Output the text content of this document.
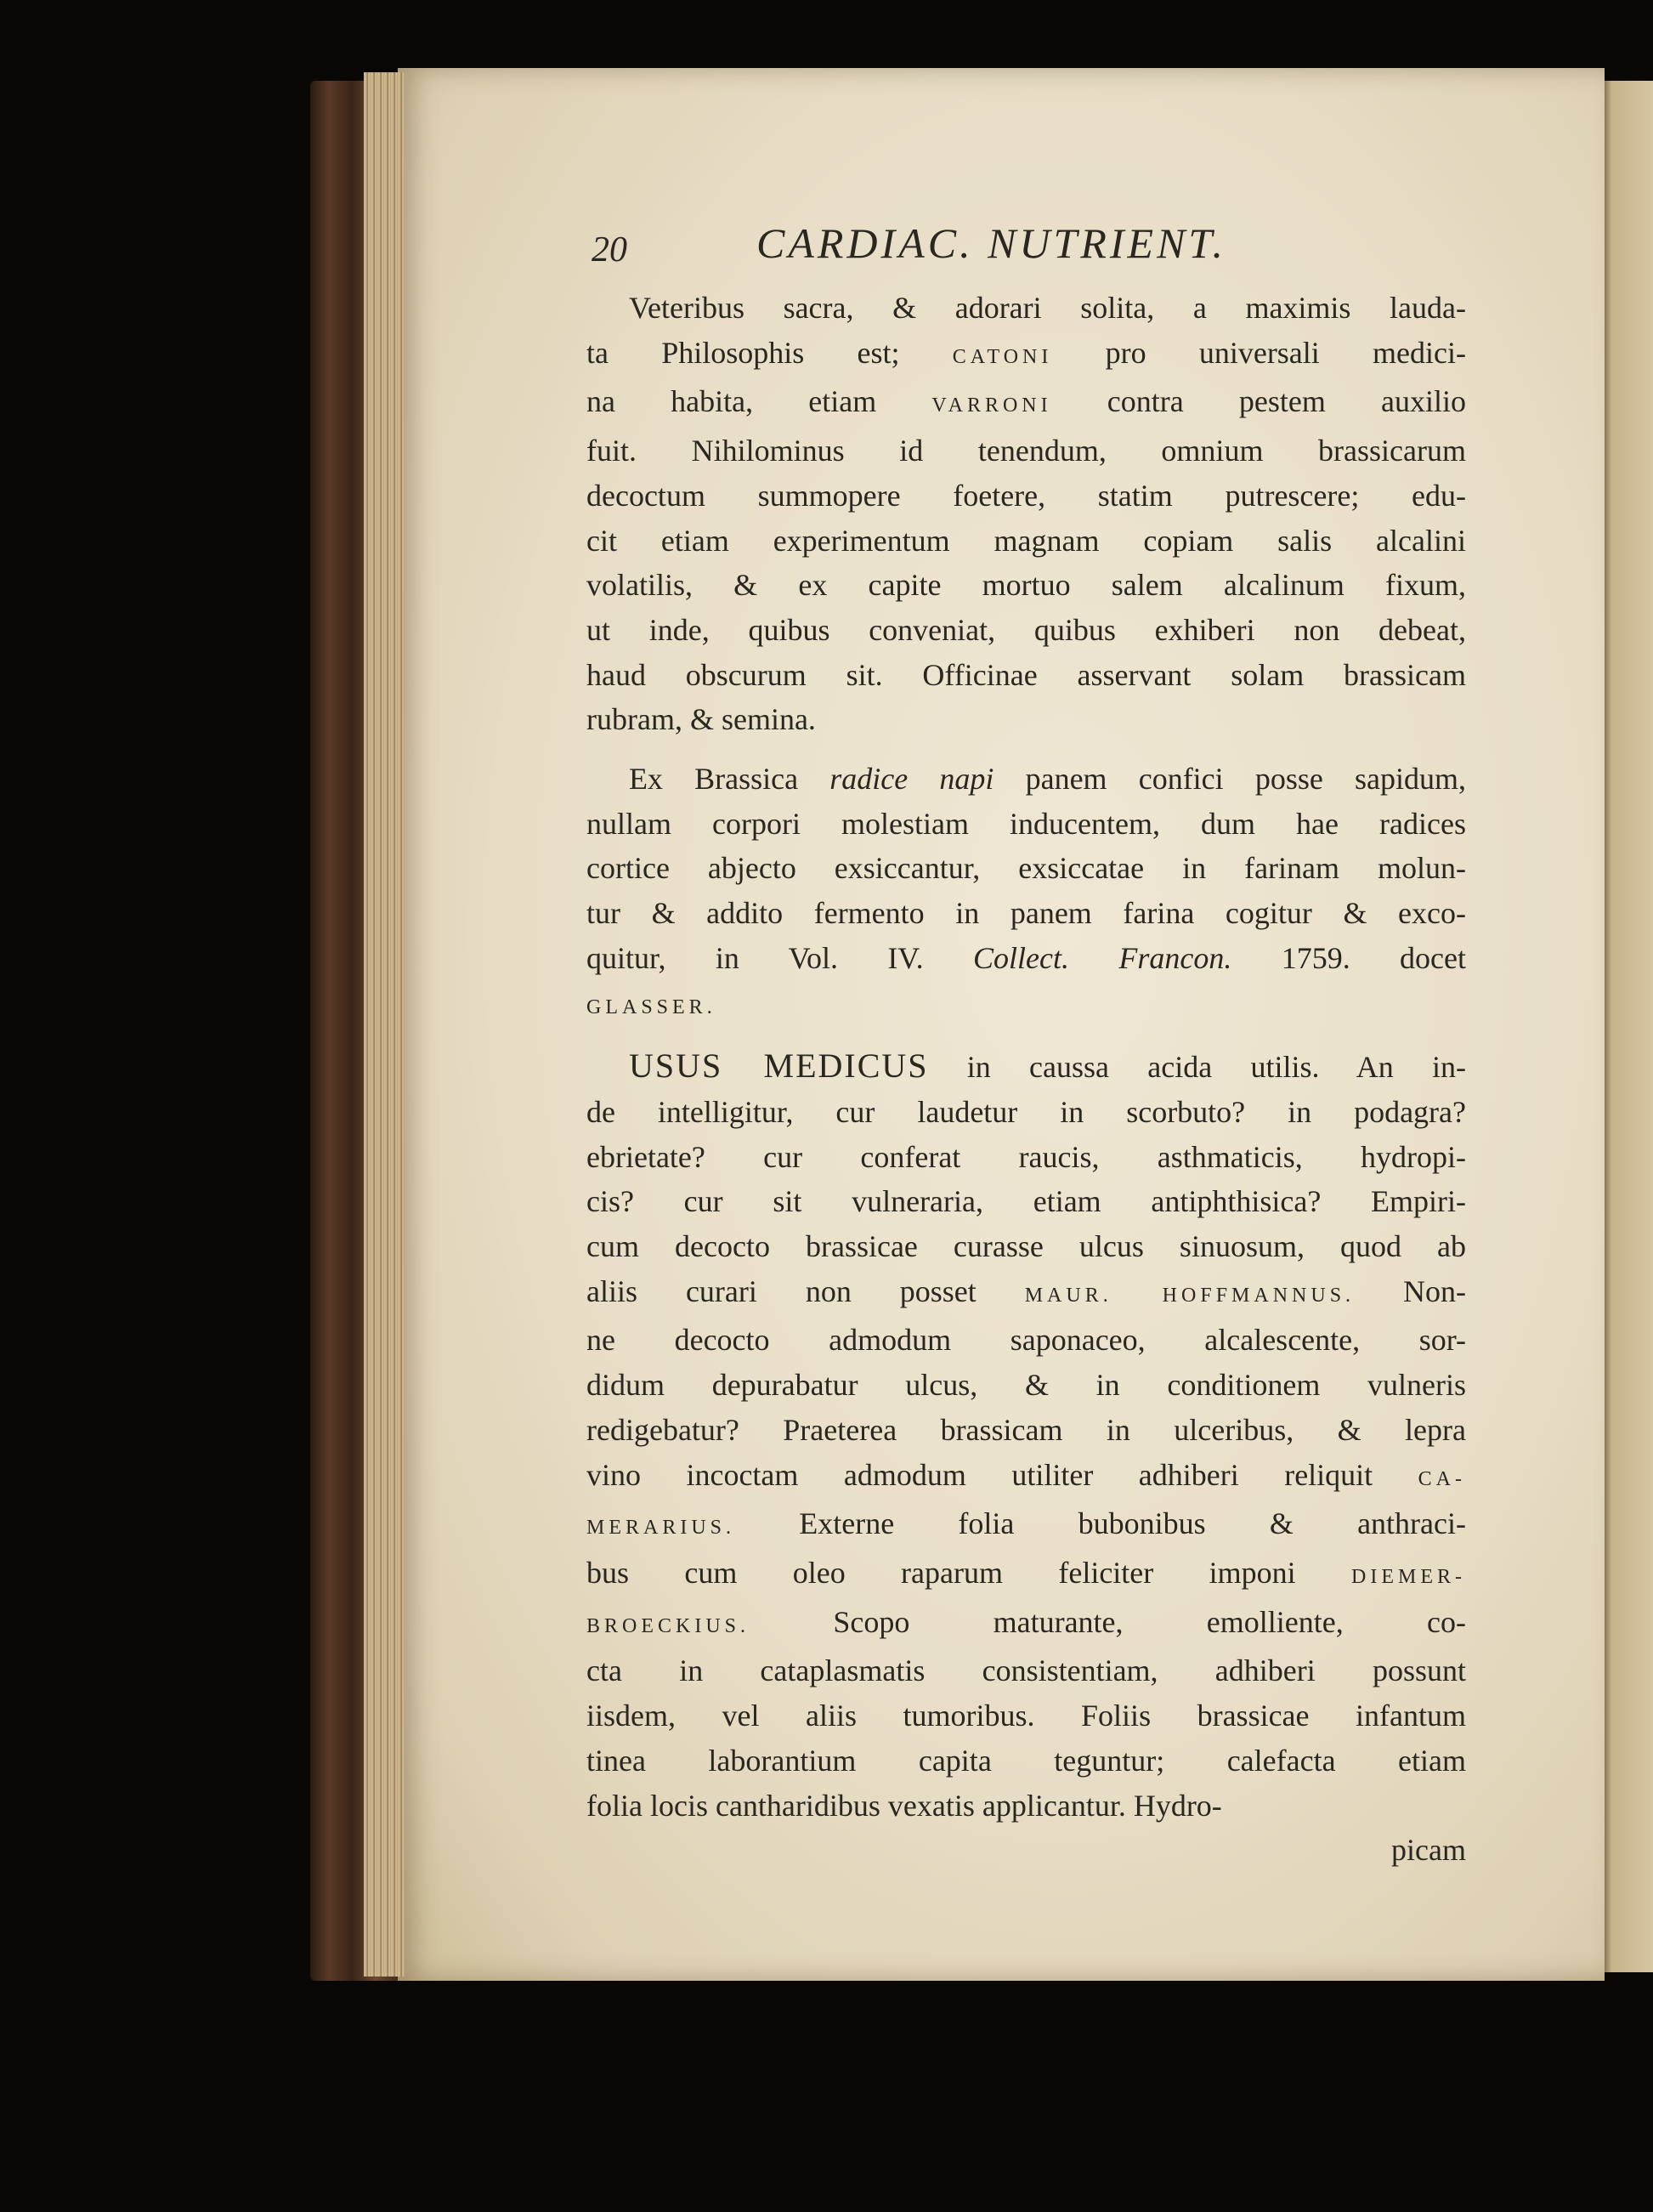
20	CARDIAC. NUTRIENT.
Veteribus sacra, & adorari solita, a maximis lauda-
ta Philosophis est; CATONI pro universali medici-
na habita, etiam VARRONI contra pestem auxilio
fuit. Nihilominus id tenendum, omnium brassicarum
decoctum summopere foetere, statim putrescere; edu-
cit etiam experimentum magnam copiam salis alcalini
volatilis, & ex capite mortuo salem alcalinum fixum,
ut inde, quibus conveniat, quibus exhiberi non debeat,
haud obscurum sit. Officinae asservant solam brassicam
rubram, & semina.
Ex Brassica radice napi panem confici posse sapidum,
nullam corpori molestiam inducentem, dum hae radices
cortice abjecto exsiccantur, exsiccatae in farinam molun-
tur & addito fermento in panem farina cogitur & exco-
quitur, in Vol. IV. Collect. Francon. 1759. docet
GLASSER.
USUS MEDICUS in caussa acida utilis. An in-
de intelligitur, cur laudetur in scorbuto? in podagra?
ebrietate? cur conferat raucis, asthmaticis, hydropi-
cis? cur sit vulneraria, etiam antiphthisica? Empiri-
cum decocto brassicae curasse ulcus sinuosum, quod ab
aliis curari non posset MAUR. HOFFMANNUS. Non-
ne decocto admodum saponaceo, alcalescente, sor-
didum depurabatur ulcus, & in conditionem vulneris
redigebatur? Praeterea brassicam in ulceribus, & lepra
vino incoctam admodum utiliter adhiberi reliquit CA-
MERARIUS. Externe folia bubonibus & anthraci-
bus cum oleo raparum feliciter imponi DIEMER-
BROECKIUS. Scopo maturante, emolliente, co-
cta in cataplasmatis consistentiam, adhiberi possunt
iisdem, vel aliis tumoribus. Foliis brassicae infantum
tinea laborantium capita teguntur; calefacta etiam
folia locis cantharidibus vexatis applicantur. Hydro-
picam
